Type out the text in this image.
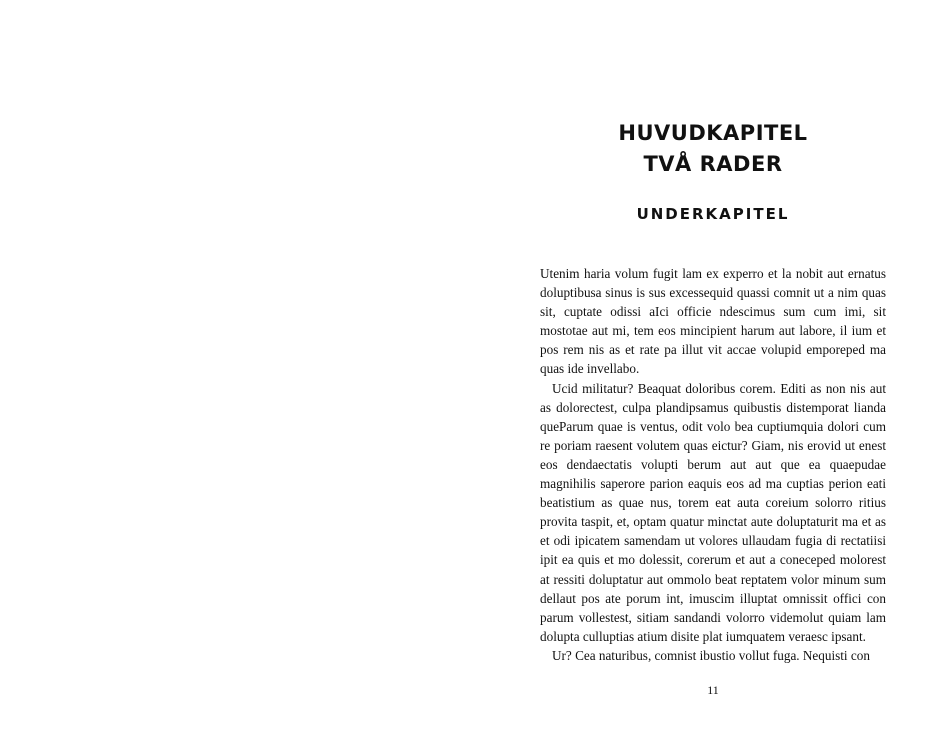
HUVUDKAPITEL
TVÅ RADER
UNDERKAPITEL

Utenim haria volum fugit lam ex experro et la nobit aut ernatus doluptibusa sinus is sus excessequid quassi comnit ut a nim quas sit, cuptate odissi aIci officie ndescimus sum cum imi, sit mostotae aut mi, tem eos mincipient harum aut labore, il ium et pos rem nis as et rate pa illut vit accae volupid emporeped ma quas ide invellabo.

Ucid militatur? Beaquat doloribus corem. Editi as non nis aut as dolorectest, culpa plandipsamus quibustis distemporat lianda queParum quae is ventus, odit volo bea cuptiumquia dolori cum re poriam raesent volutem quas eictur? Giam, nis erovid ut enest eos dendaectatis volupti berum aut aut que ea quaepudae magnihilis saperore parion eaquis eos ad ma cuptias perion eati beatistium as quae nus, torem eat auta coreium solorro ritius provita taspit, et, optam quatur minctat aute doluptaturit ma et as et odi ipicatem samendam ut volores ullaudam fugia di rectatiisi ipit ea quis et mo dolessit, corerum et aut a coneceped molorest at ressiti doluptatur aut ommolo beat reptatem volor minum sum dellaut pos ate porum int, imuscim illuptat omnissit offici con parum vollestest, sitiam sandandi volorro videmolut quiam lam dolupta culluptias atium disite plat iumquatem veraesc ipsant.

Ur? Cea naturibus, comnist ibustio vollut fuga. Nequisti con

11
